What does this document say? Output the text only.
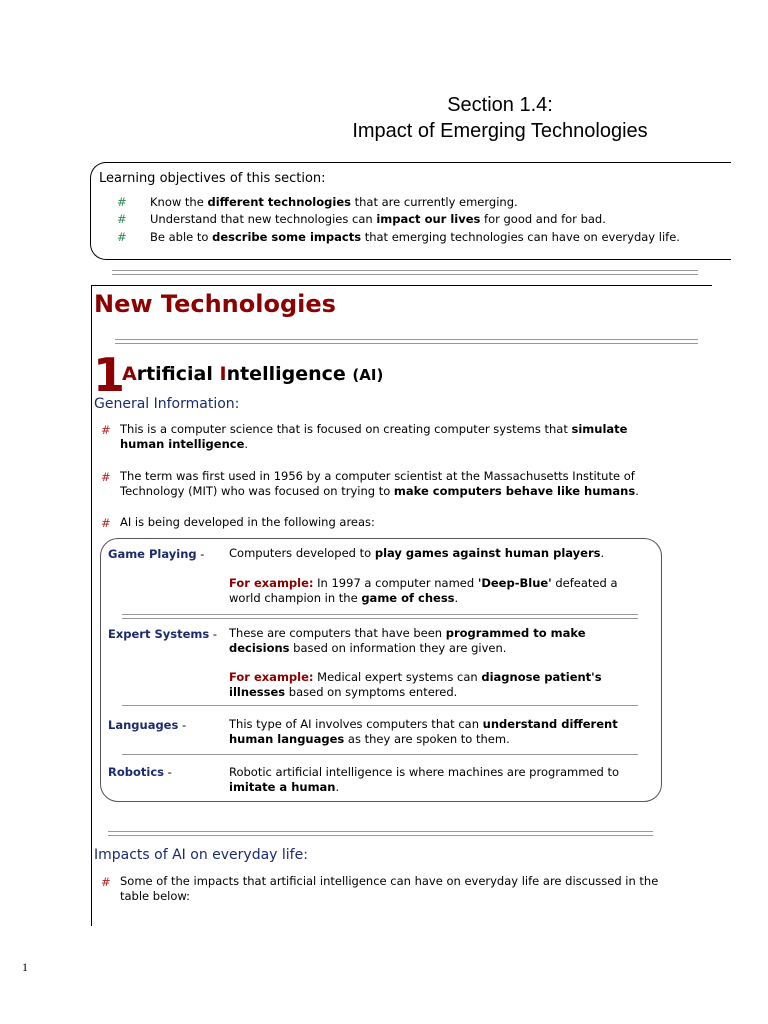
Section 1.4:
Impact of Emerging Technologies
Learning objectives of this section:
# Know the different technologies that are currently emerging.
# Understand that new technologies can impact our lives for good and for bad.
# Be able to describe some impacts that emerging technologies can have on everyday life.
New Technologies
1
Artificial Intelligence (AI)
General Information:
# This is a computer science that is focused on creating computer systems that simulate
human intelligence.
# The term was first used in 1956 by a computer scientist at the Massachusetts Institute of
Technology (MIT) who was focused on trying to make computers behave like humans.
# AI is being developed in the following areas:
Game Playing - Computers developed to play games against human players.
For example: In 1997 a computer named 'Deep-Blue' defeated a
world champion in the game of chess.
Expert Systems - These are computers that have been programmed to make
decisions based on information they are given.
For example: Medical expert systems can diagnose patient's
illnesses based on symptoms entered.
Languages -	This type of AI involves computers that can understand different
human languages as they are spoken to them.
Robotics -	Robotic artificial intelligence is where machines are programmed to
imitate a human.
Impacts of AI on everyday life:
# Some of the impacts that artificial intelligence can have on everyday life are discussed in the
table below:
1
